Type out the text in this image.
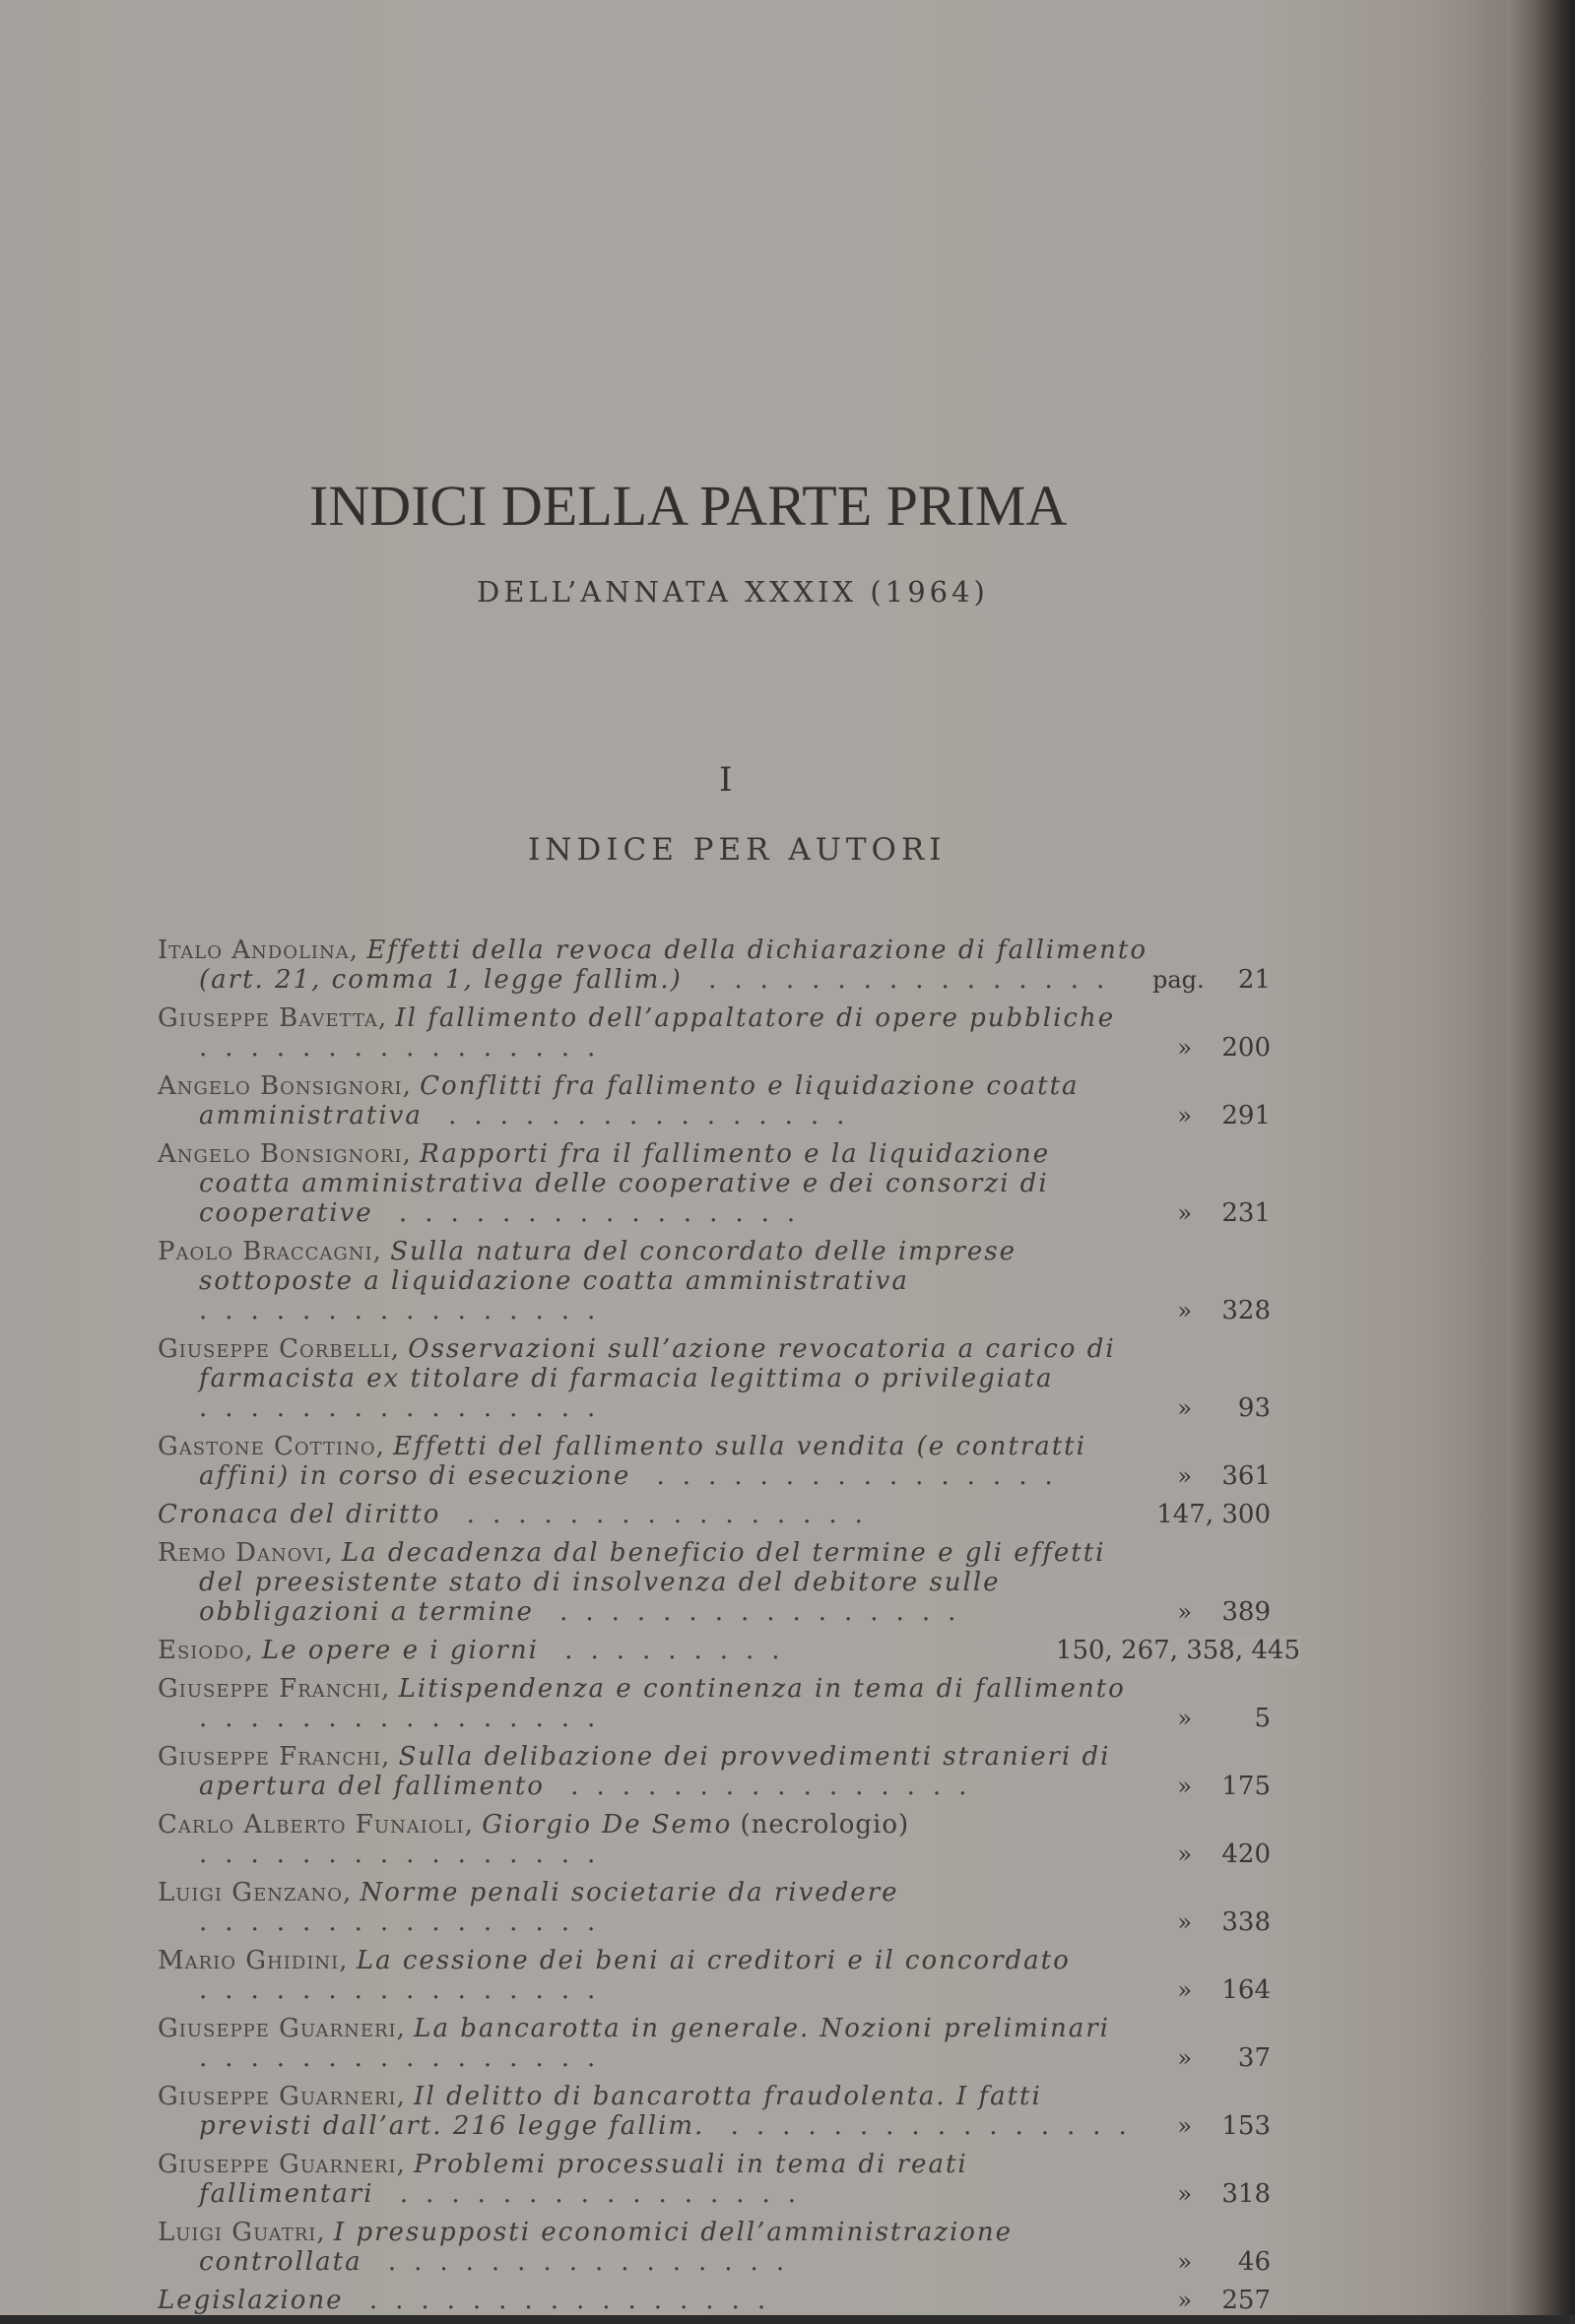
INDICI DELLA PARTE PRIMA
DELL’ANNATA XXXIX (1964)
I
INDICE PER AUTORI
Italo Andolina, Effetti della revoca della dichiarazione di fallimento (art. 21, comma 1, legge fallim.) ................	pag.	21
Giuseppe Bavetta, Il fallimento dell’appaltatore di opere pubbliche ................	»	200
Angelo Bonsignori, Conflitti fra fallimento e liquidazione coatta amministrativa ................	»	291
Angelo Bonsignori, Rapporti fra il fallimento e la liquidazione coatta amministrativa delle cooperative e dei consorzi di cooperative ................	»	231
Paolo Braccagni, Sulla natura del concordato delle imprese sottoposte a liquidazione coatta amministrativa ................	»	328
Giuseppe Corbelli, Osservazioni sull’azione revocatoria a carico di farmacista ex titolare di farmacia legittima o privilegiata ................	»	93
Gastone Cottino, Effetti del fallimento sulla vendita (e contratti affini) in corso di esecuzione ................	»	361
Cronaca del diritto ................	147, 300
Remo Danovi, La decadenza dal beneficio del termine e gli effetti del preesistente stato di insolvenza del debitore sulle obbligazioni a termine ................	»	389
Esiodo, Le opere e i giorni .........	150, 267, 358, 445
Giuseppe Franchi, Litispendenza e continenza in tema di fallimento ................	»	5
Giuseppe Franchi, Sulla delibazione dei provvedimenti stranieri di apertura del fallimento ................	»	175
Carlo Alberto Funaioli, Giorgio De Semo (necrologio) ................	»	420
Luigi Genzano, Norme penali societarie da rivedere ................	»	338
Mario Ghidini, La cessione dei beni ai creditori e il concordato ................	»	164
Giuseppe Guarneri, La bancarotta in generale. Nozioni preliminari ................	»	37
Giuseppe Guarneri, Il delitto di bancarotta fraudolenta. I fatti previsti dall’art. 216 legge fallim. ................	»	153
Giuseppe Guarneri, Problemi processuali in tema di reati fallimentari ................	»	318
Luigi Guatri, I presupposti economici dell’amministrazione controllata ................	»	46
Legislazione ................	»	257
